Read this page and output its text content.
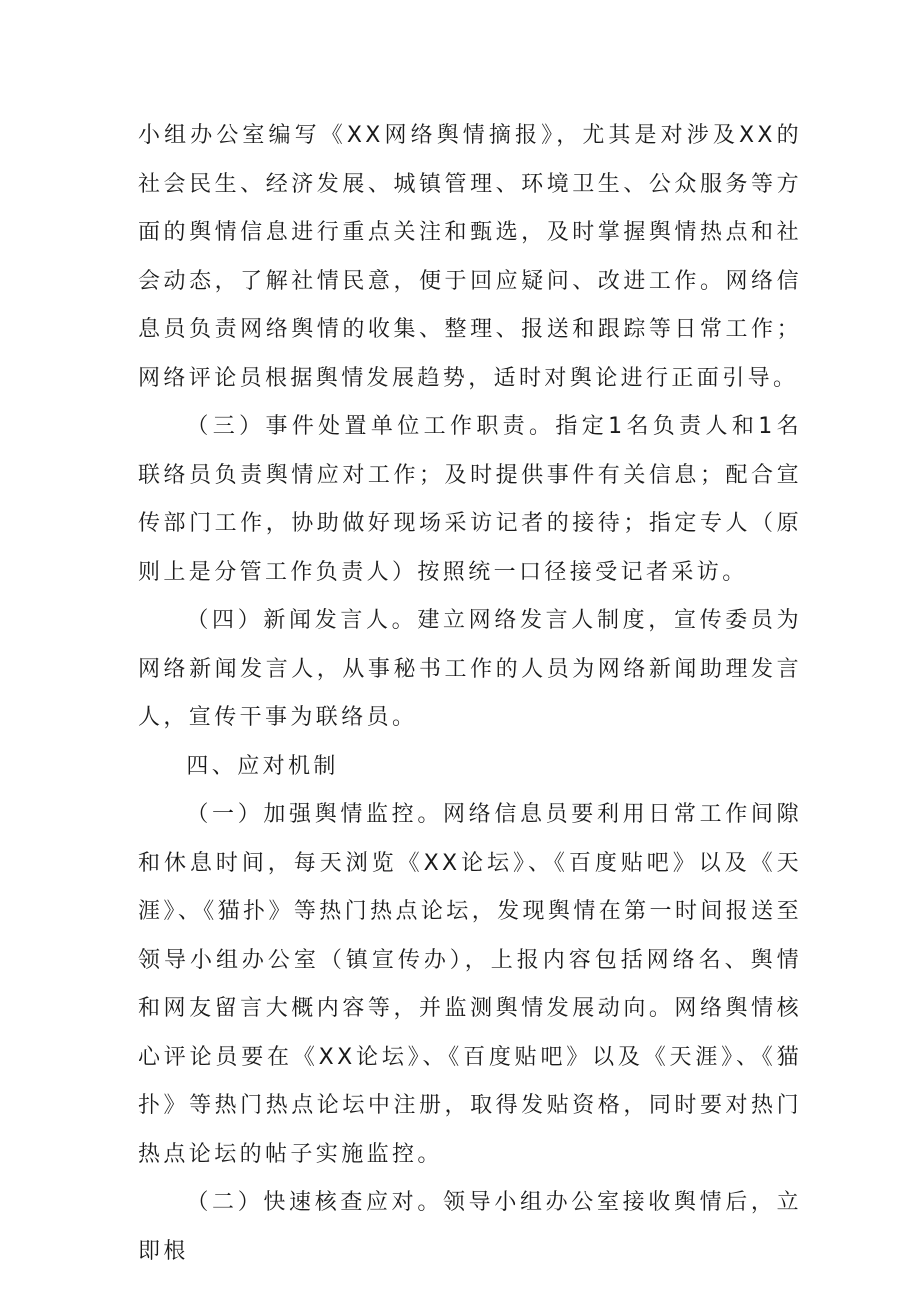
小组办公室编写《XX网络舆情摘报》，尤其是对涉及XX的社会民生、经济发展、城镇管理、环境卫生、公众服务等方面的舆情信息进行重点关注和甄选，及时掌握舆情热点和社会动态，了解社情民意，便于回应疑问、改进工作。网络信息员负责网络舆情的收集、整理、报送和跟踪等日常工作；网络评论员根据舆情发展趋势，适时对舆论进行正面引导。

（三）事件处置单位工作职责。指定1名负责人和1名联络员负责舆情应对工作；及时提供事件有关信息；配合宣传部门工作，协助做好现场采访记者的接待；指定专人（原则上是分管工作负责人）按照统一口径接受记者采访。

（四）新闻发言人。建立网络发言人制度，宣传委员为网络新闻发言人，从事秘书工作的人员为网络新闻助理发言人，宣传干事为联络员。

四、应对机制

（一）加强舆情监控。网络信息员要利用日常工作间隙和休息时间，每天浏览《XX论坛》、《百度贴吧》以及《天涯》、《猫扑》等热门热点论坛，发现舆情在第一时间报送至领导小组办公室（镇宣传办），上报内容包括网络名、舆情和网友留言大概内容等，并监测舆情发展动向。网络舆情核心评论员要在《XX论坛》、《百度贴吧》以及《天涯》、《猫扑》等热门热点论坛中注册，取得发贴资格，同时要对热门热点论坛的帖子实施监控。

（二）快速核查应对。领导小组办公室接收舆情后，立即根
